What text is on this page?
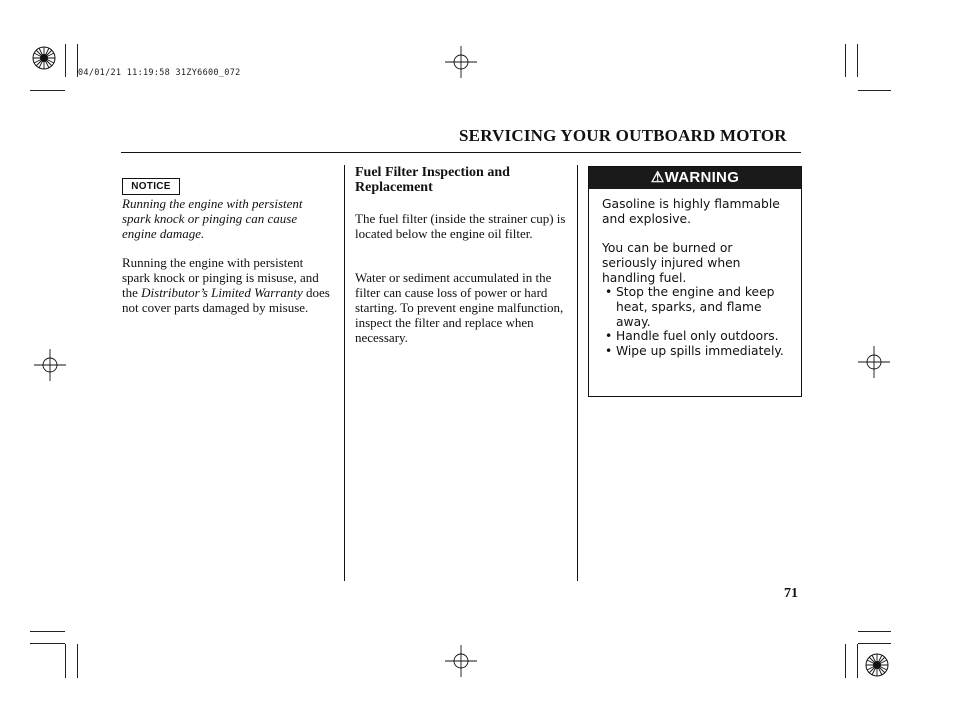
04/01/21 11:19:58 31ZY6600_072
SERVICING YOUR OUTBOARD MOTOR
NOTICE
Running the engine with persistent spark knock or pinging can cause engine damage.
Running the engine with persistent spark knock or pinging is misuse, and the Distributor’s Limited Warranty does not cover parts damaged by misuse.
Fuel Filter Inspection and Replacement
The fuel filter (inside the strainer cup) is located below the engine oil filter.
Water or sediment accumulated in the filter can cause loss of power or hard starting. To prevent engine malfunction, inspect the filter and replace when necessary.
⚠WARNING

Gasoline is highly flammable and explosive.

You can be burned or seriously injured when handling fuel.

• Stop the engine and keep heat, sparks, and flame away.
• Handle fuel only outdoors.
• Wipe up spills immediately.
71
